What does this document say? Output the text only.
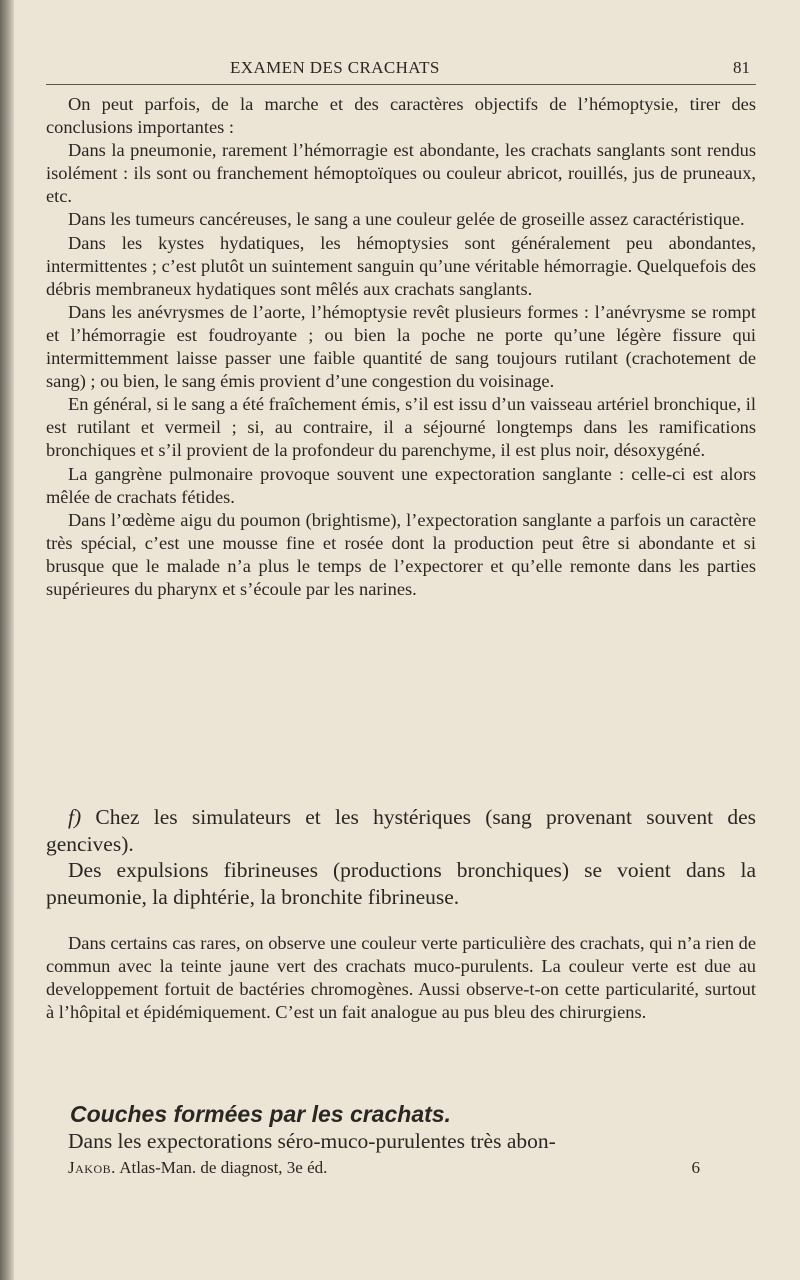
EXAMEN DES CRACHATS	81

On peut parfois, de la marche et des caractères objectifs de l’hémoptysie, tirer des conclusions importantes :

Dans la pneumonie, rarement l’hémorragie est abondante, les crachats sanglants sont rendus isolément : ils sont ou franchement hémoptoïques ou couleur abricot, rouillés, jus de pruneaux, etc.

Dans les tumeurs cancéreuses, le sang a une couleur gelée de groseille assez caractéristique.

Dans les kystes hydatiques, les hémoptysies sont généralement peu abondantes, intermittentes ; c’est plutôt un suintement sanguin qu’une véritable hémorragie. Quelquefois des débris membraneux hydatiques sont mêlés aux crachats sanglants.

Dans les anévrysmes de l’aorte, l’hémoptysie revêt plusieurs formes : l’anévrysme se rompt et l’hémorragie est foudroyante ; ou bien la poche ne porte qu’une légère fissure qui intermittemment laisse passer une faible quantité de sang toujours rutilant (crachotement de sang) ; ou bien, le sang émis provient d’une congestion du voisinage.

En général, si le sang a été fraîchement émis, s’il est issu d’un vaisseau artériel bronchique, il est rutilant et vermeil ; si, au contraire, il a séjourné longtemps dans les ramifications bronchiques et s’il provient de la profondeur du parenchyme, il est plus noir, désoxygéné.

La gangrène pulmonaire provoque souvent une expectoration sanglante : celle-ci est alors mêlée de crachats fétides.

Dans l’œdème aigu du poumon (brightisme), l’expectoration sanglante a parfois un caractère très spécial, c’est une mousse fine et rosée dont la production peut être si abondante et si brusque que le malade n’a plus le temps de l’expectorer et qu’elle remonte dans les parties supérieures du pharynx et s’écoule par les narines.

f) Chez les simulateurs et les hystériques (sang provenant souvent des gencives).

Des expulsions fibrineuses (productions bronchiques) se voient dans la pneumonie, la diphtérie, la bronchite fibrineuse.

Dans certains cas rares, on observe une couleur verte particulière des crachats, qui n’a rien de commun avec la teinte jaune vert des crachats muco-purulents. La couleur verte est due au developpement fortuit de bactéries chromogènes. Aussi observe-t-on cette particularité, surtout à l’hôpital et épidémiquement. C’est un fait analogue au pus bleu des chirurgiens.

Couches formées par les crachats.
Dans les expectorations séro-muco-purulentes très abon-
Jakob. Atlas-Man. de diagnost, 3e éd.	6
